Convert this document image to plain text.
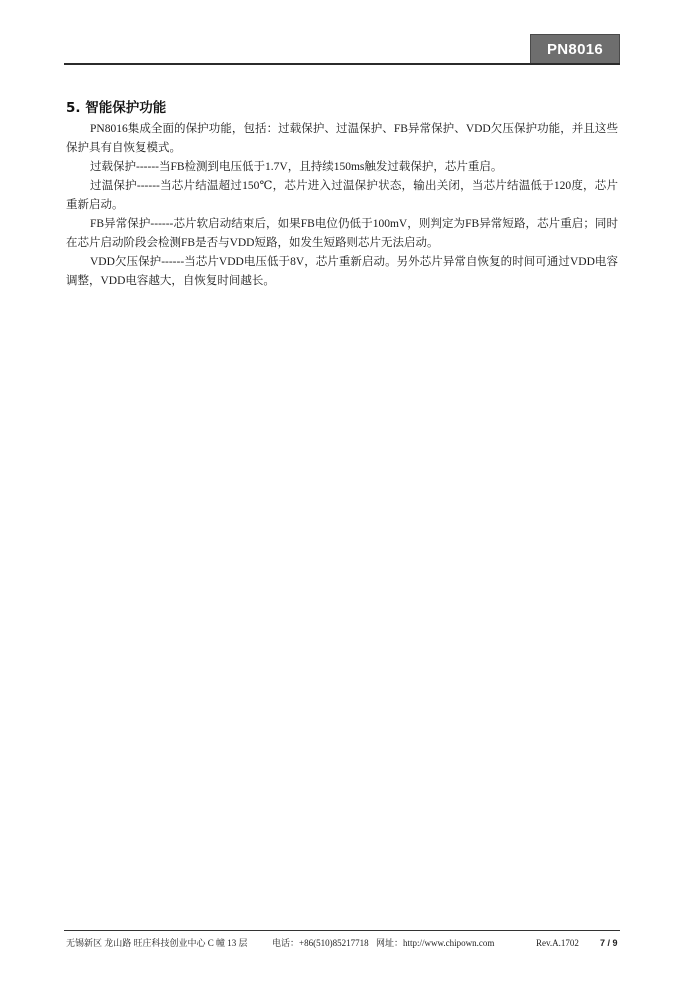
PN8016
5. 智能保护功能

PN8016集成全面的保护功能，包括：过载保护、过温保护、FB异常保护、VDD欠压保护功能，并且这些保护具有自恢复模式。

过载保护------当FB检测到电压低于1.7V，且持续150ms触发过载保护，芯片重启。

过温保护------当芯片结温超过150℃，芯片进入过温保护状态，输出关闭，当芯片结温低于120度，芯片重新启动。

FB异常保护------芯片软启动结束后，如果FB电位仍低于100mV，则判定为FB异常短路，芯片重启；同时在芯片启动阶段会检测FB是否与VDD短路，如发生短路则芯片无法启动。

VDD欠压保护------当芯片VDD电压低于8V，芯片重新启动。另外芯片异常自恢复的时间可通过VDD电容调整，VDD电容越大，自恢复时间越长。

无锡新区 龙山路 旺庄科技创业中心 C 幢 13 层	电话：+86(510)85217718 网址：http://www.chipown.com	Rev.A.1702 7 / 9
